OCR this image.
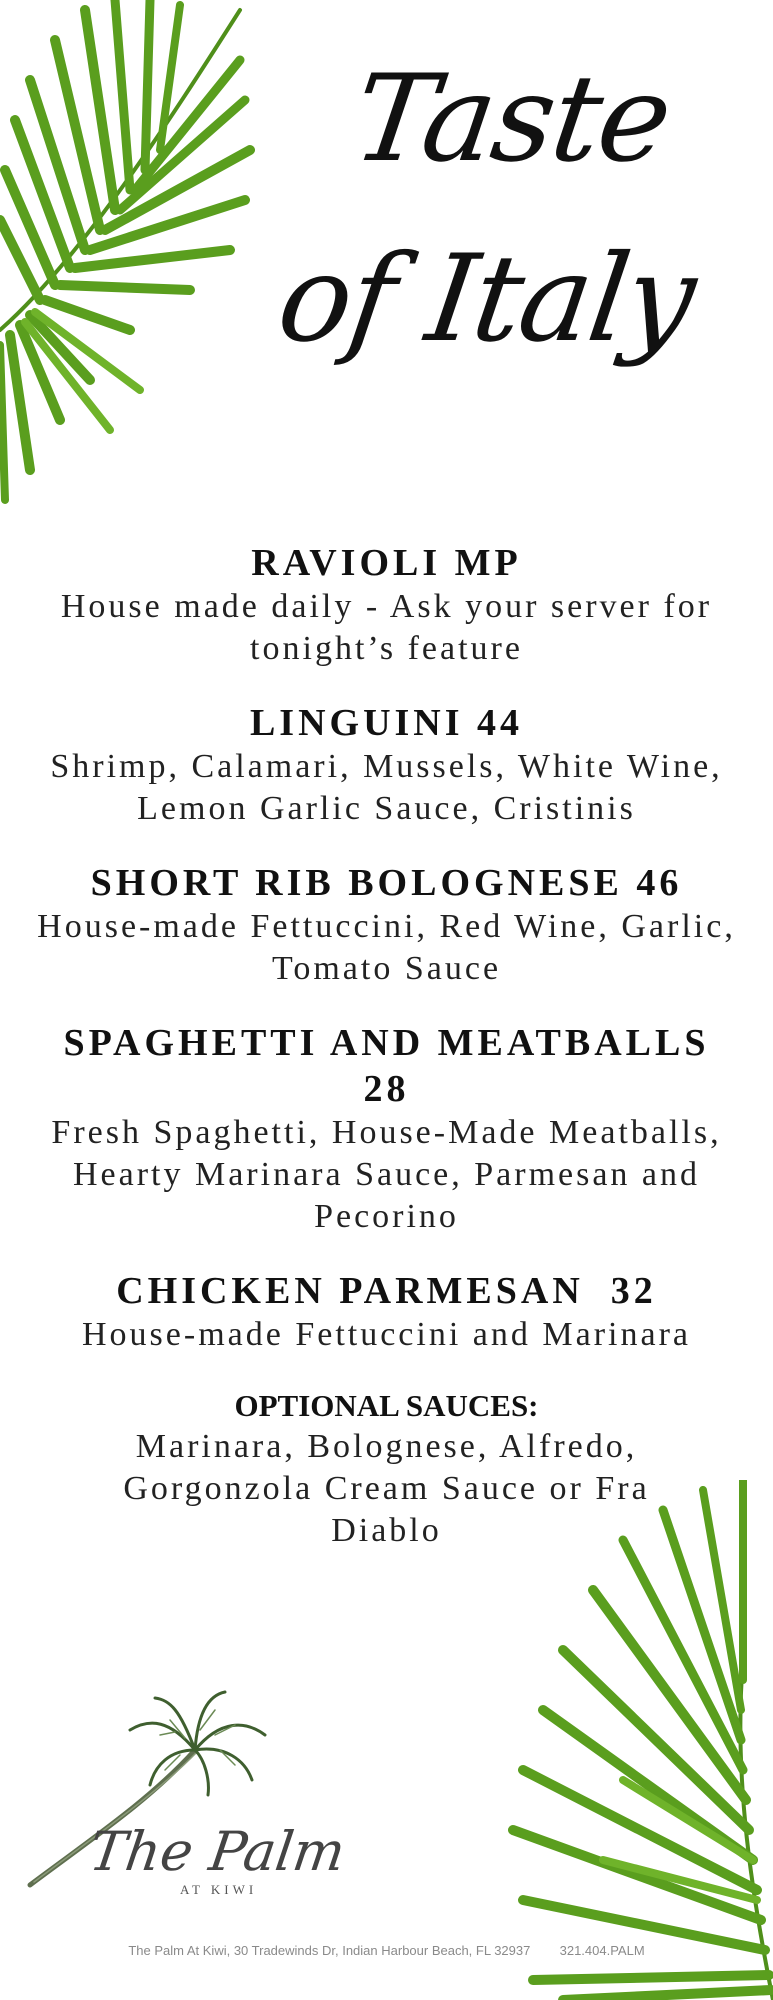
Taste
of Italy
RAVIOLI MP
House made daily - Ask your server for tonight’s feature
LINGUINI 44
Shrimp, Calamari, Mussels, White Wine, Lemon Garlic Sauce, Cristinis
SHORT RIB BOLOGNESE 46
House-made Fettuccini, Red Wine, Garlic, Tomato Sauce
SPAGHETTI AND MEATBALLS 28
Fresh Spaghetti, House-Made Meatballs, Hearty Marinara Sauce, Parmesan and Pecorino
CHICKEN PARMESAN  32
House-made Fettuccini and Marinara
OPTIONAL SAUCES:
Marinara, Bolognese, Alfredo, Gorgonzola Cream Sauce or Fra Diablo
The Palm
AT KIWI
The Palm At Kiwi, 30 Tradewinds Dr, Indian Harbour Beach, FL 32937 321.404.PALM
